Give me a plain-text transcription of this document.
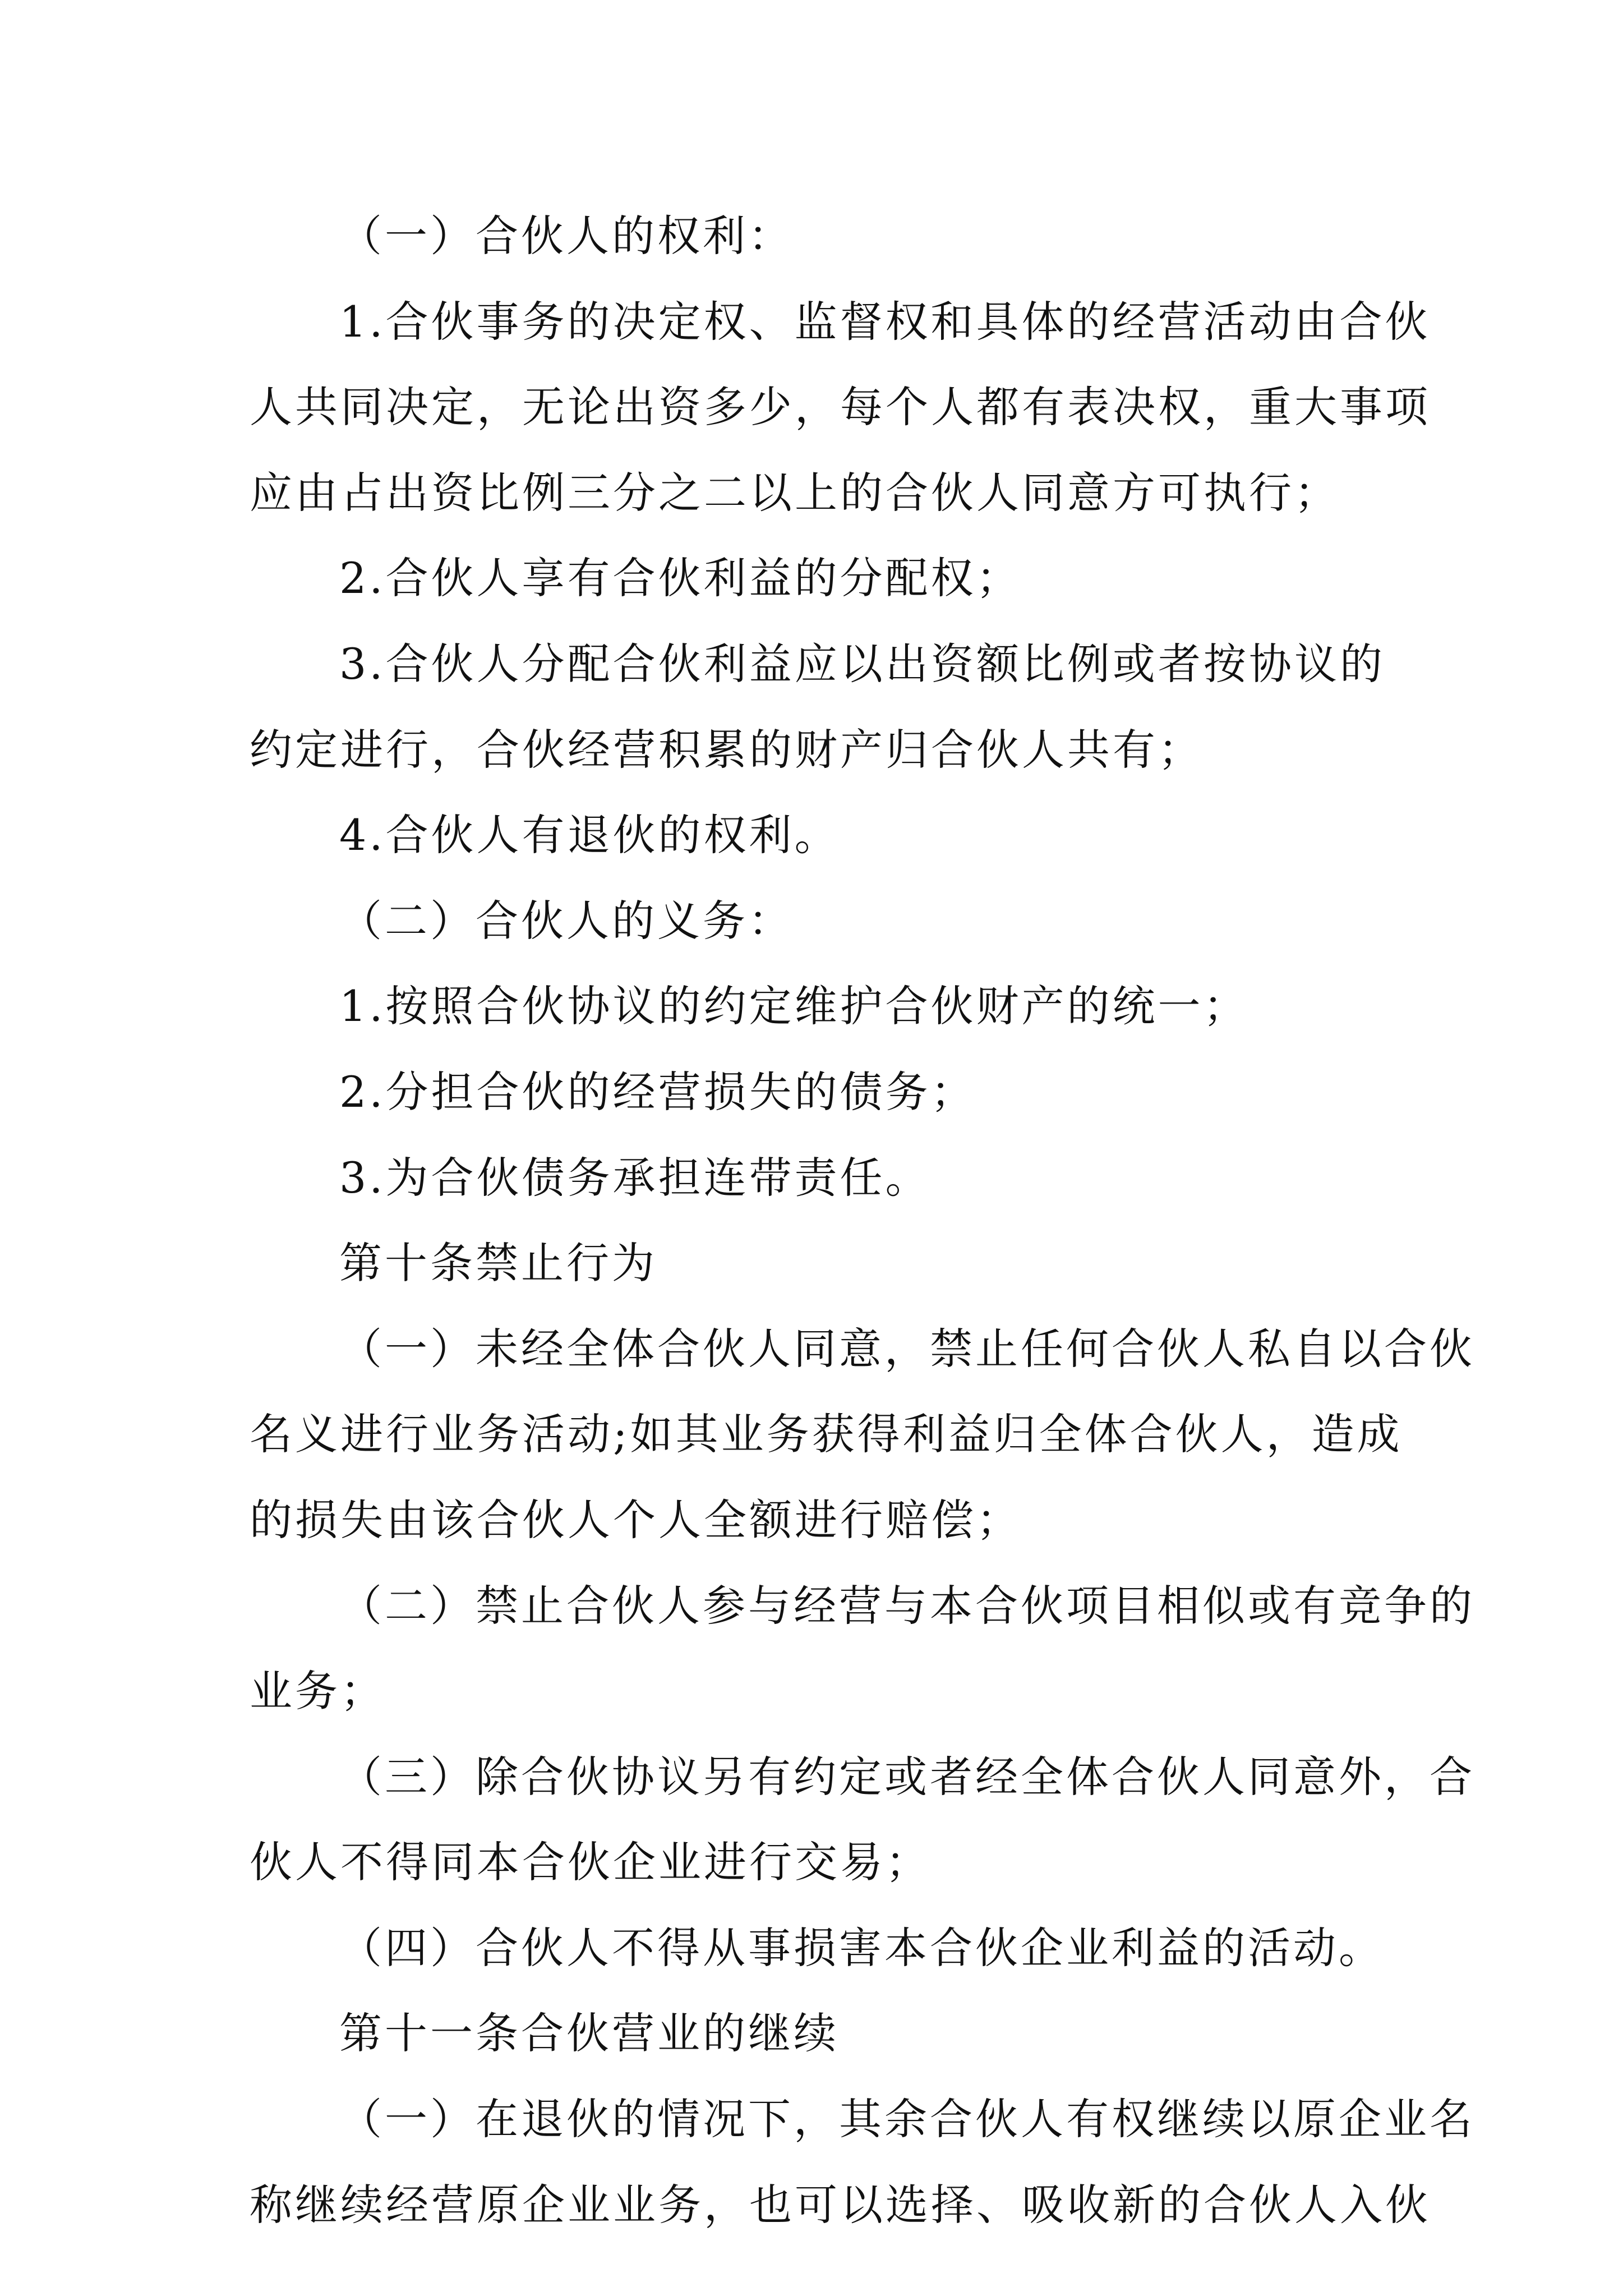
（一）合伙人的权利：
1.合伙事务的决定权、监督权和具体的经营活动由合伙
人共同决定，无论出资多少，每个人都有表决权，重大事项
应由占出资比例三分之二以上的合伙人同意方可执行；
2.合伙人享有合伙利益的分配权；
3.合伙人分配合伙利益应以出资额比例或者按协议的
约定进行，合伙经营积累的财产归合伙人共有；
4.合伙人有退伙的权利。
（二）合伙人的义务：
1.按照合伙协议的约定维护合伙财产的统一；
2.分担合伙的经营损失的债务；
3.为合伙债务承担连带责任。
第十条禁止行为
（一）未经全体合伙人同意，禁止任何合伙人私自以合伙
名义进行业务活动;如其业务获得利益归全体合伙人，造成
的损失由该合伙人个人全额进行赔偿；
（二）禁止合伙人参与经营与本合伙项目相似或有竞争的
业务；
（三）除合伙协议另有约定或者经全体合伙人同意外，合
伙人不得同本合伙企业进行交易；
（四）合伙人不得从事损害本合伙企业利益的活动。
第十一条合伙营业的继续
（一）在退伙的情况下，其余合伙人有权继续以原企业名
称继续经营原企业业务，也可以选择、吸收新的合伙人入伙
